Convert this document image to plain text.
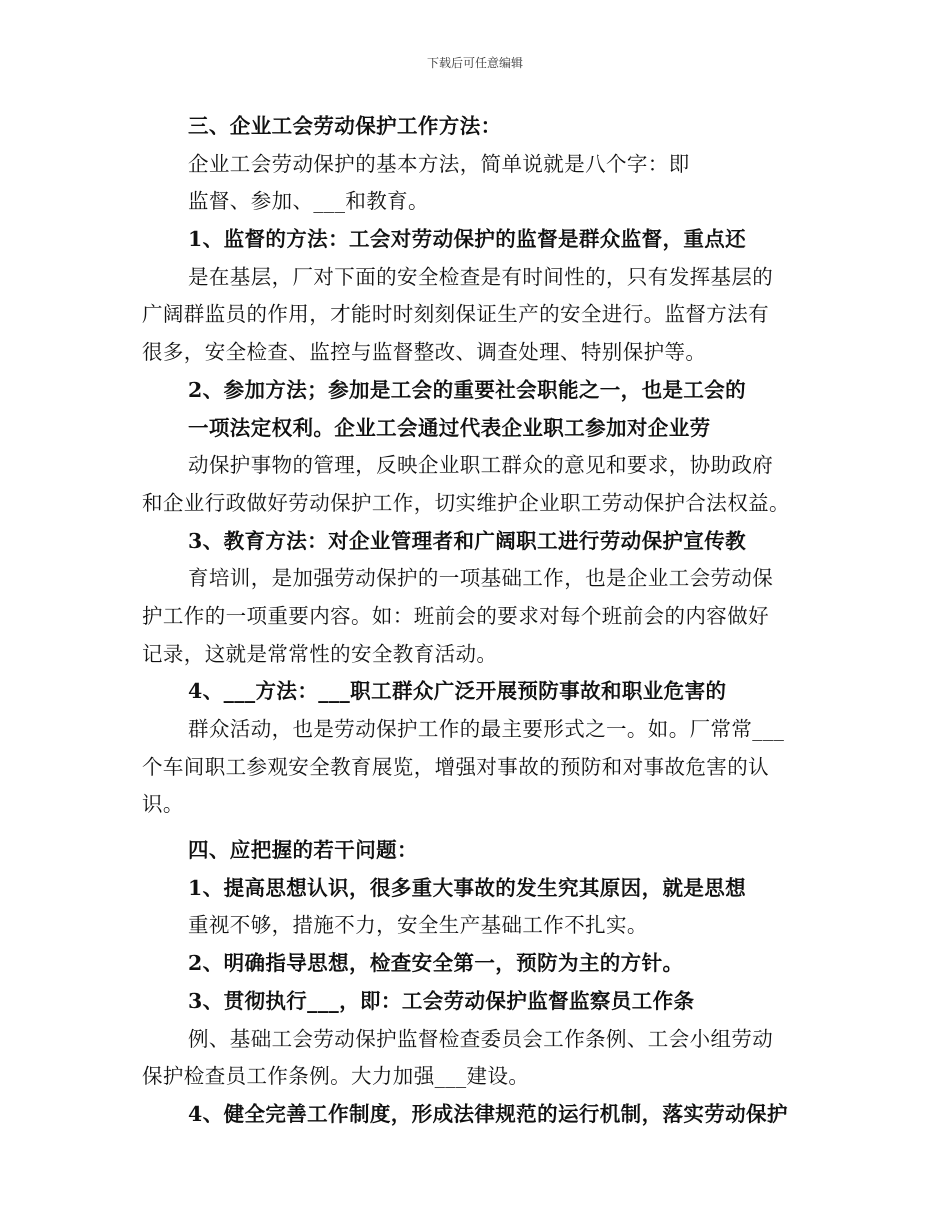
下载后可任意编辑
三、企业工会劳动保护工作方法：
企业工会劳动保护的基本方法，简单说就是八个字：即
监督、参加、___和教育。
1、监督的方法：工会对劳动保护的监督是群众监督，重点还
是在基层，厂对下面的安全检查是有时间性的，只有发挥基层的
广阔群监员的作用，才能时时刻刻保证生产的安全进行。监督方法有
很多，安全检查、监控与监督整改、调查处理、特别保护等。
2、参加方法；参加是工会的重要社会职能之一，也是工会的
一项法定权利。企业工会通过代表企业职工参加对企业劳
动保护事物的管理，反映企业职工群众的意见和要求，协助政府
和企业行政做好劳动保护工作，切实维护企业职工劳动保护合法权益。
3、教育方法：对企业管理者和广阔职工进行劳动保护宣传教
育培训，是加强劳动保护的一项基础工作，也是企业工会劳动保
护工作的一项重要内容。如：班前会的要求对每个班前会的内容做好
记录，这就是常常性的安全教育活动。
4、___方法：___职工群众广泛开展预防事故和职业危害的
群众活动，也是劳动保护工作的最主要形式之一。如。厂常常___
个车间职工参观安全教育展览，增强对事故的预防和对事故危害的认
识。
四、应把握的若干问题：
1、提高思想认识，很多重大事故的发生究其原因，就是思想
重视不够，措施不力，安全生产基础工作不扎实。
2、明确指导思想，检查安全第一，预防为主的方针。
3、贯彻执行___，即：工会劳动保护监督监察员工作条
例、基础工会劳动保护监督检查委员会工作条例、工会小组劳动
保护检查员工作条例。大力加强___建设。
4、健全完善工作制度，形成法律规范的运行机制，落实劳动保护
